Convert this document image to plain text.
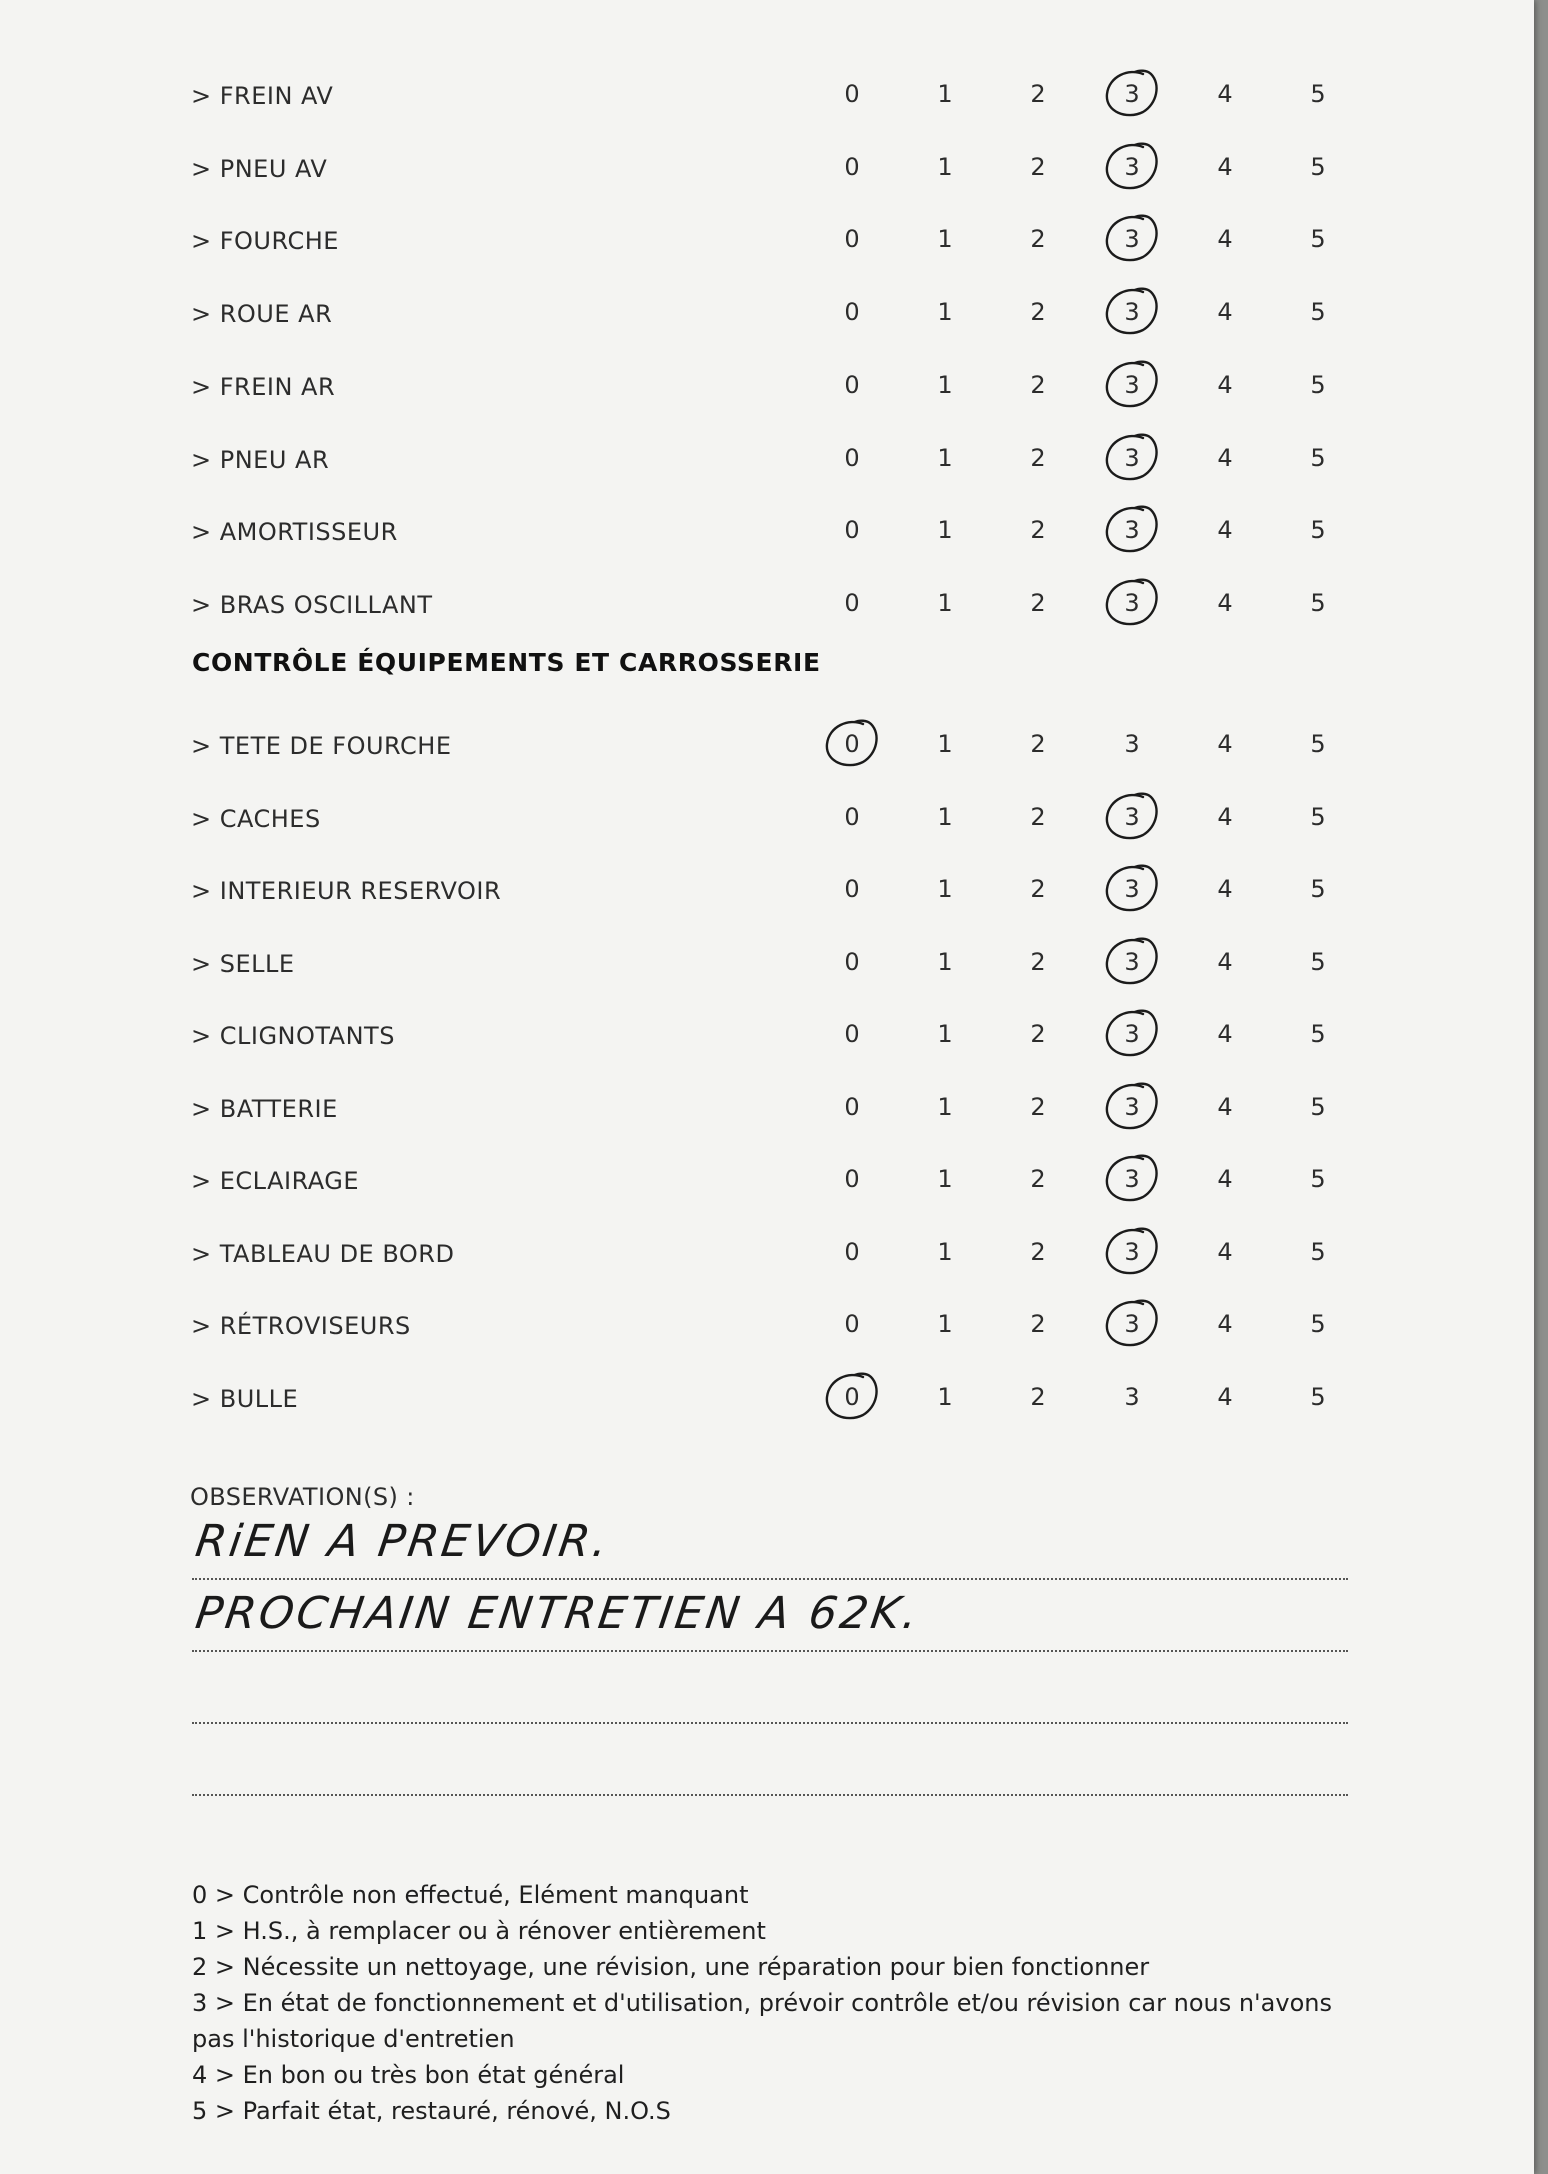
> FREIN AV	0	1	2	3	4	5
> PNEU AV	0	1	2	3	4	5
> FOURCHE	0	1	2	3	4	5
> ROUE AR	0	1	2	3	4	5
> FREIN AR	0	1	2	3	4	5
> PNEU AR	0	1	2	3	4	5
> AMORTISSEUR	0	1	2	3	4	5
> BRAS OSCILLANT	0	1	2	3	4	5
CONTRÔLE ÉQUIPEMENTS ET CARROSSERIE
> TETE DE FOURCHE	0	1	2	3	4	5
> CACHES	0	1	2	3	4	5
> INTERIEUR RESERVOIR	0	1	2	3	4	5
> SELLE	0	1	2	3	4	5
> CLIGNOTANTS	0	1	2	3	4	5
> BATTERIE	0	1	2	3	4	5
> ECLAIRAGE	0	1	2	3	4	5
> TABLEAU DE BORD	0	1	2	3	4	5
> RÉTROVISEURS	0	1	2	3	4	5
> BULLE	0	1	2	3	4	5
OBSERVATION(S) :
RiEN A PREVOIR.
PROCHAIN ENTRETIEN A 62K.
0 > Contrôle non effectué, Elément manquant
1 > H.S., à remplacer ou à rénover entièrement
2 > Nécessite un nettoyage, une révision, une réparation pour bien fonctionner
3 > En état de fonctionnement et d'utilisation, prévoir contrôle et/ou révision car nous n'avons pas l'historique d'entretien
4 > En bon ou très bon état général
5 > Parfait état, restauré, rénové, N.O.S
